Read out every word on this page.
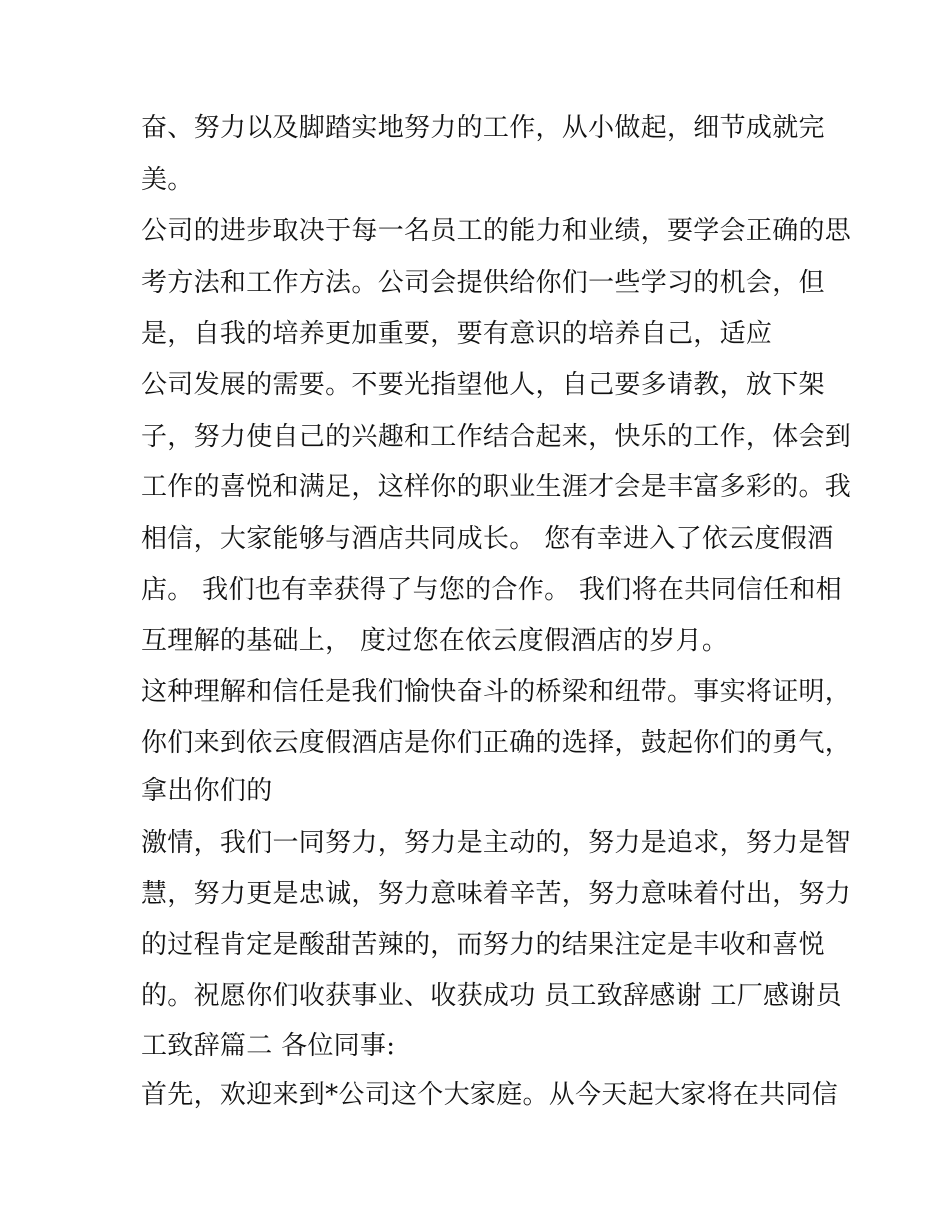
奋、努力以及脚踏实地努力的工作，从小做起，细节成就完
美。
公司的进步取决于每一名员工的能力和业绩，要学会正确的思
考方法和工作方法。公司会提供给你们一些学习的机会，但
是，自我的培养更加重要，要有意识的培养自己，适应
公司发展的需要。不要光指望他人，自己要多请教，放下架
子，努力使自己的兴趣和工作结合起来，快乐的工作，体会到
工作的喜悦和满足，这样你的职业生涯才会是丰富多彩的。我
相信，大家能够与酒店共同成长。 您有幸进入了依云度假酒
店。 我们也有幸获得了与您的合作。 我们将在共同信任和相
互理解的基础上， 度过您在依云度假酒店的岁月。
这种理解和信任是我们愉快奋斗的桥梁和纽带。事实将证明，
你们来到依云度假酒店是你们正确的选择，鼓起你们的勇气，
拿出你们的
激情，我们一同努力，努力是主动的，努力是追求，努力是智
慧，努力更是忠诚，努力意味着辛苦，努力意味着付出，努力
的过程肯定是酸甜苦辣的，而努力的结果注定是丰收和喜悦
的。祝愿你们收获事业、收获成功 员工致辞感谢 工厂感谢员
工致辞篇二 各位同事:
首先，欢迎来到*公司这个大家庭。从今天起大家将在共同信
